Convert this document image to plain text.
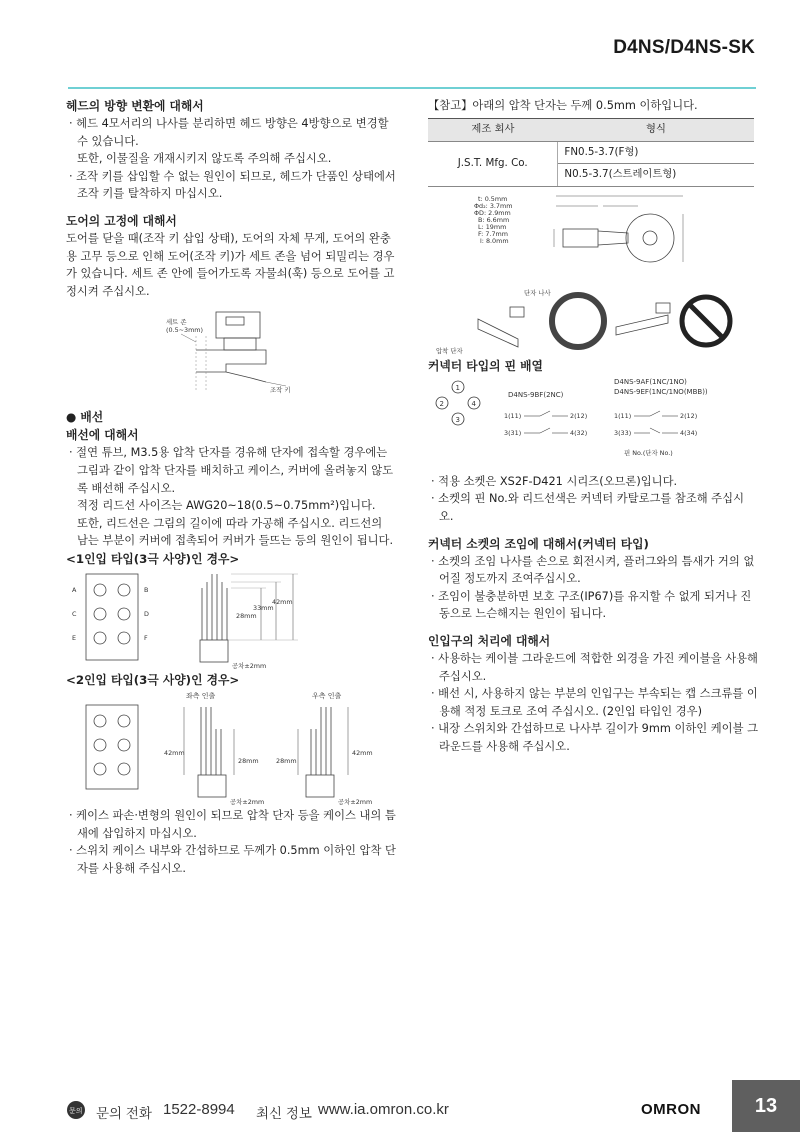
D4NS/D4NS-SK
헤드의 방향 변환에 대해서

· 헤드 4모서리의 나사를 분리하면 헤드 방향은 4방향으로 변경할 수 있습니다.

또한, 이물질을 개재시키지 않도록 주의해 주십시오.

· 조작 키를 삽입할 수 없는 원인이 되므로, 헤드가 단품인 상태에서 조작 키를 탈착하지 마십시오.

도어의 고정에 대해서

도어를 닫을 때(조작 키 삽입 상태), 도어의 자체 무게, 도어의 완충용 고무 등으로 인해 도어(조작 키)가 세트 존을 넘어 되밀리는 경우가 있습니다. 세트 존 안에 들어가도록 자물쇠(훅) 등으로 도어를 고정시켜 주십시오.

세트 존
(0.5~3mm)
조작 키
● 배선
배선에 대해서

· 절연 튜브, M3.5용 압착 단자를 경유해 단자에 접속할 경우에는 그림과 같이 압착 단자를 배치하고 케이스, 커버에 올려놓지 않도록 배선해 주십시오.

적정 리드선 사이즈는 AWG20~18(0.5~0.75mm²)입니다.

또한, 리드선은 그림의 길이에 따라 가공해 주십시오. 리드선의 남는 부분이 커버에 접촉되어 커버가 들뜨는 등의 원인이 됩니다.

<1인입 타입(3극 사양)인 경우>
A	B
C	D
E	F
28mm
33mm
42mm
공차±2mm
<2인입 타입(3극 사양)인 경우>
좌측 인출	우측 인출
42mm
28mm
공차±2mm
28mm
42mm
공차±2mm

· 케이스 파손·변형의 원인이 되므로 압착 단자 등을 케이스 내의 틈새에 삽입하지 마십시오.

· 스위치 케이스 내부와 간섭하므로 두께가 0.5mm 이하인 압착 단자를 사용해 주십시오.

【참고】아래의 압착 단자는 두께 0.5mm 이하입니다.
제조 회사	형식
J.S.T. Mfg. Co.	FN0.5-3.7(F형)
	N0.5-3.7(스트레이트형)
t: 0.5mm
Φd₂: 3.7mm
ΦD: 2.9mm
B: 6.6mm
L: 19mm
F: 7.7mm
l: 8.0mm
단자 나사
압착 단자
커넥터 타입의 핀 배열
1
2	4
3
D4NS-9BF(2NC)
D4NS-9AF(1NC/1NO)
D4NS-9EF(1NC/1NO(MBB))
1(11)	2(12)
3(31)	4(32)
1(11)	2(12)
3(33)	4(34)
핀 No.(단자 No.)

· 적용 소켓은 XS2F-D421 시리즈(오므론)입니다.

· 소켓의 핀 No.와 리드선색은 커넥터 카탈로그를 참조해 주십시오.

커넥터 소켓의 조임에 대해서(커넥터 타입)

· 소켓의 조임 나사를 손으로 회전시켜, 플러그와의 틈새가 거의 없어질 정도까지 조여주십시오.

· 조임이 불충분하면 보호 구조(IP67)를 유지할 수 없게 되거나 진동으로 느슨해지는 원인이 됩니다.

인입구의 처리에 대해서

· 사용하는 케이블 그라운드에 적합한 외경을 가진 케이블을 사용해 주십시오.

· 배선 시, 사용하지 않는 부분의 인입구는 부속되는 캡 스크류를 이용해 적정 토크로 조여 주십시오. (2인입 타입인 경우)

· 내장 스위치와 간섭하므로 나사부 길이가 9mm 이하인 케이블 그라운드를 사용해 주십시오.

문의 문의 전화 1522-8994 최신 정보 www.ia.omron.co.kr	OMRON	13
